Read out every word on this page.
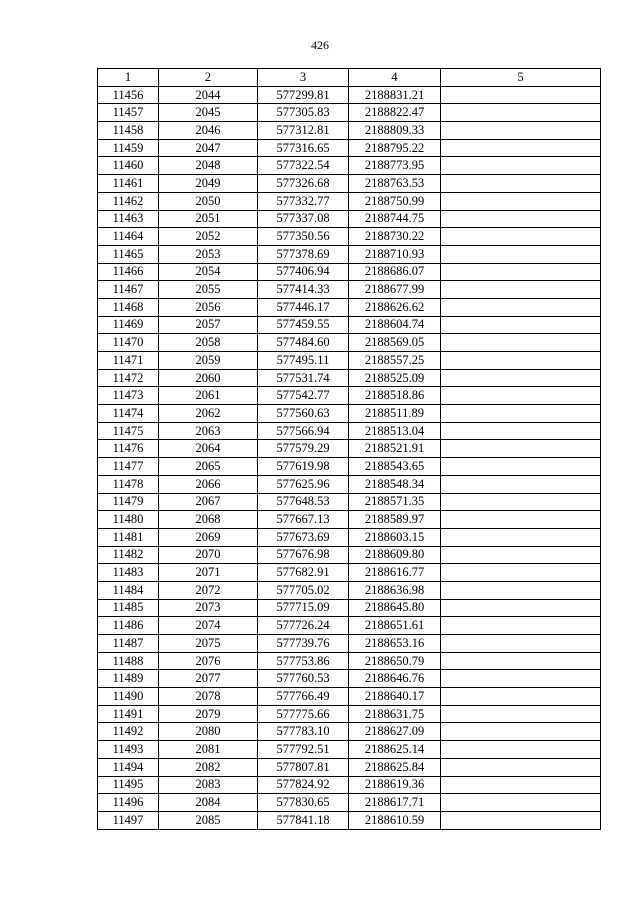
426
1	2	3	4	5
11456	2044	577299.81	2188831.21	
11457	2045	577305.83	2188822.47	
11458	2046	577312.81	2188809.33	
11459	2047	577316.65	2188795.22	
11460	2048	577322.54	2188773.95	
11461	2049	577326.68	2188763.53	
11462	2050	577332.77	2188750.99	
11463	2051	577337.08	2188744.75	
11464	2052	577350.56	2188730.22	
11465	2053	577378.69	2188710.93	
11466	2054	577406.94	2188686.07	
11467	2055	577414.33	2188677.99	
11468	2056	577446.17	2188626.62	
11469	2057	577459.55	2188604.74	
11470	2058	577484.60	2188569.05	
11471	2059	577495.11	2188557.25	
11472	2060	577531.74	2188525.09	
11473	2061	577542.77	2188518.86	
11474	2062	577560.63	2188511.89	
11475	2063	577566.94	2188513.04	
11476	2064	577579.29	2188521.91	
11477	2065	577619.98	2188543.65	
11478	2066	577625.96	2188548.34	
11479	2067	577648.53	2188571.35	
11480	2068	577667.13	2188589.97	
11481	2069	577673.69	2188603.15	
11482	2070	577676.98	2188609.80	
11483	2071	577682.91	2188616.77	
11484	2072	577705.02	2188636.98	
11485	2073	577715.09	2188645.80	
11486	2074	577726.24	2188651.61	
11487	2075	577739.76	2188653.16	
11488	2076	577753.86	2188650.79	
11489	2077	577760.53	2188646.76	
11490	2078	577766.49	2188640.17	
11491	2079	577775.66	2188631.75	
11492	2080	577783.10	2188627.09	
11493	2081	577792.51	2188625.14	
11494	2082	577807.81	2188625.84	
11495	2083	577824.92	2188619.36	
11496	2084	577830.65	2188617.71	
11497	2085	577841.18	2188610.59	
